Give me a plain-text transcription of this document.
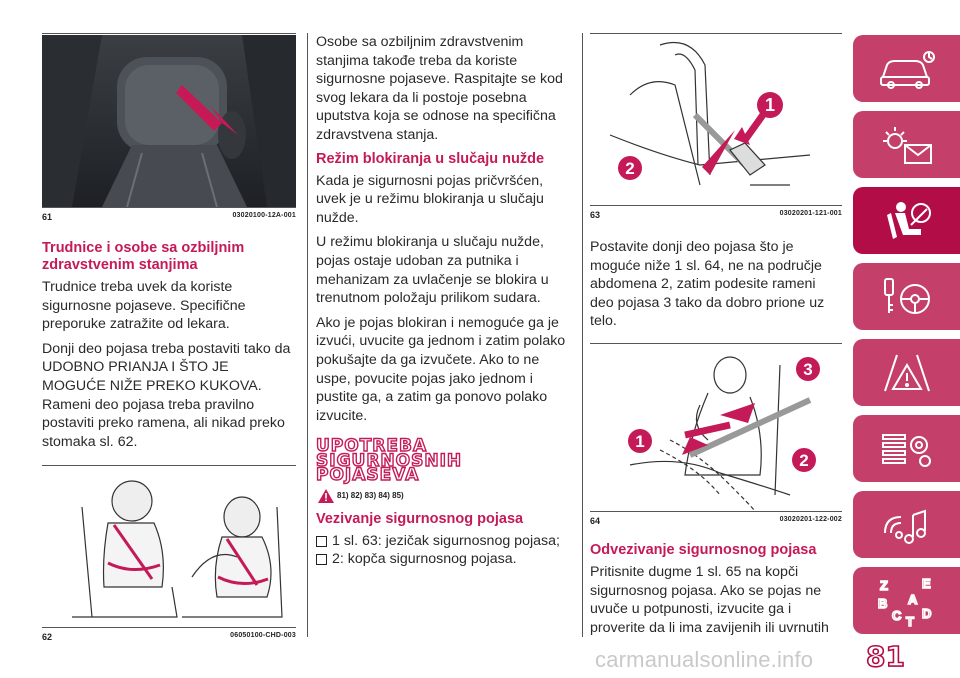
61	03020100-12A-001
Trudnice i osobe sa ozbiljnim zdravstvenim stanjima

Trudnice treba uvek da koriste sigurnosne pojaseve. Specifične preporuke zatražite od lekara.

Donji deo pojasa treba postaviti tako da UDOBNO PRIANJA I ŠTO JE MOGUĆE NIŽE PREKO KUKOVA. Rameni deo pojasa treba pravilno postaviti preko ramena, ali nikad preko stomaka sl. 62.

62	06050100-CHD-003

Osobe sa ozbiljnim zdravstvenim stanjima takođe treba da koriste sigurnosne pojaseve. Raspitajte se kod svog lekara da li postoje posebna uputstva koja se odnose na specifična zdravstvena stanja.

Režim blokiranja u slučaju nužde

Kada je sigurnosni pojas pričvršćen, uvek je u režimu blokiranja u slučaju nužde.

U režimu blokiranja u slučaju nužde, pojas ostaje udoban za putnika i mehanizam za uvlačenje se blokira u trenutnom položaju prilikom sudara.

Ako je pojas blokiran i nemoguće ga je izvući, uvucite ga jednom i zatim polako pokušajte da ga izvučete. Ako to ne uspe, povucite pojas jako jednom i pustite ga, a zatim ga ponovo polako izvucite.

UPOTREBA
SIGURNOSNIH
POJASEVA
81) 82) 83) 84) 85)
Vezivanje sigurnosnog pojasa
1 sl. 63: jezičak sigurnosnog pojasa;
2: kopča sigurnosnog pojasa.
1
2
63	03020201-121-001

Postavite donji deo pojasa što je moguće niže 1 sl. 64, ne na područje abdomena 2, zatim podesite rameni deo pojasa 3 tako da dobro prione uz telo.

3
1
2
64	03020201-122-002
Odvezivanje sigurnosnog pojasa

Pritisnite dugme 1 sl. 65 na kopči sigurnosnog pojasa. Ako se pojas ne uvuče u potpunosti, izvucite ga i proverite da li ima zavijenih ili uvrnutih

Z	E
A
B
C D
T
81
carmanualsonline.info
